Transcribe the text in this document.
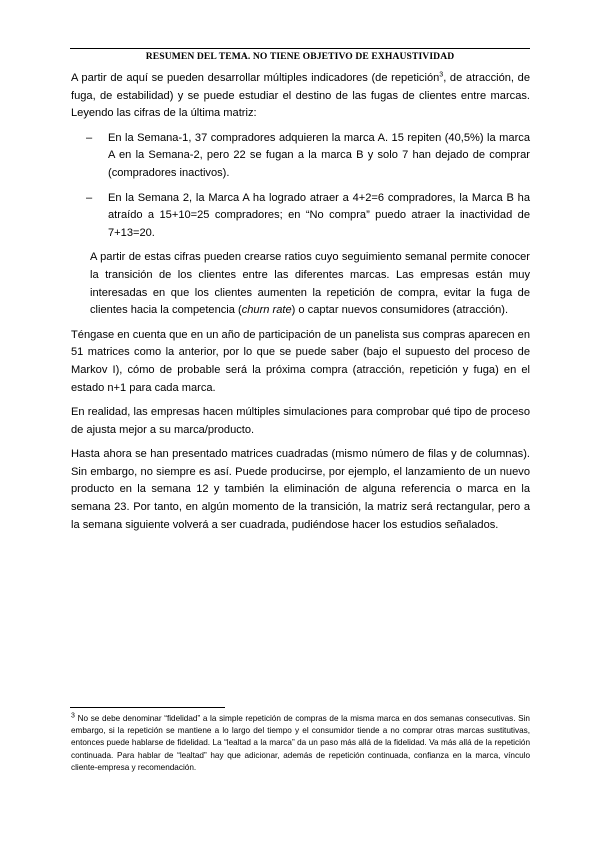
RESUMEN DEL TEMA. NO TIENE OBJETIVO DE EXHAUSTIVIDAD

A partir de aquí se pueden desarrollar múltiples indicadores (de repetición$^3$, de atracción, de fuga, de estabilidad) y se puede estudiar el destino de las fugas de clientes entre marcas. Leyendo las cifras de la última matriz:

– En la Semana-1, 37 compradores adquieren la marca A. 15 repiten (40,5%) la marca A en la Semana-2, pero 22 se fugan a la marca B y solo 7 han dejado de comprar (compradores inactivos).
– En la Semana 2, la Marca A ha logrado atraer a 4+2=6 compradores, la Marca B ha atraído a 15+10=25 compradores; en “No compra” puedo atraer la inactividad de 7+13=20.

A partir de estas cifras pueden crearse ratios cuyo seguimiento semanal permite conocer la transición de los clientes entre las diferentes marcas. Las empresas están muy interesadas en que los clientes aumenten la repetición de compra, evitar la fuga de clientes hacia la competencia (churn rate) o captar nuevos consumidores (atracción).

Téngase en cuenta que en un año de participación de un panelista sus compras aparecen en 51 matrices como la anterior, por lo que se puede saber (bajo el supuesto del proceso de Markov I), cómo de probable será la próxima compra (atracción, repetición y fuga) en el estado n+1 para cada marca.

En realidad, las empresas hacen múltiples simulaciones para comprobar qué tipo de proceso de ajusta mejor a su marca/producto.

Hasta ahora se han presentado matrices cuadradas (mismo número de filas y de columnas). Sin embargo, no siempre es así. Puede producirse, por ejemplo, el lanzamiento de un nuevo producto en la semana 12 y también la eliminación de alguna referencia o marca en la semana 23. Por tanto, en algún momento de la transición, la matriz será rectangular, pero a la semana siguiente volverá a ser cuadrada, pudiéndose hacer los estudios señalados.

$^3$ No se debe denominar “fidelidad” a la simple repetición de compras de la misma marca en dos semanas consecutivas. Sin embargo, si la repetición se mantiene a lo largo del tiempo y el consumidor tiende a no comprar otras marcas sustitutivas, entonces puede hablarse de fidelidad. La “lealtad a la marca” da un paso más allá de la fidelidad. Va más allá de la repetición continuada. Para hablar de “lealtad” hay que adicionar, además de repetición continuada, confianza en la marca, vínculo cliente-empresa y recomendación.
